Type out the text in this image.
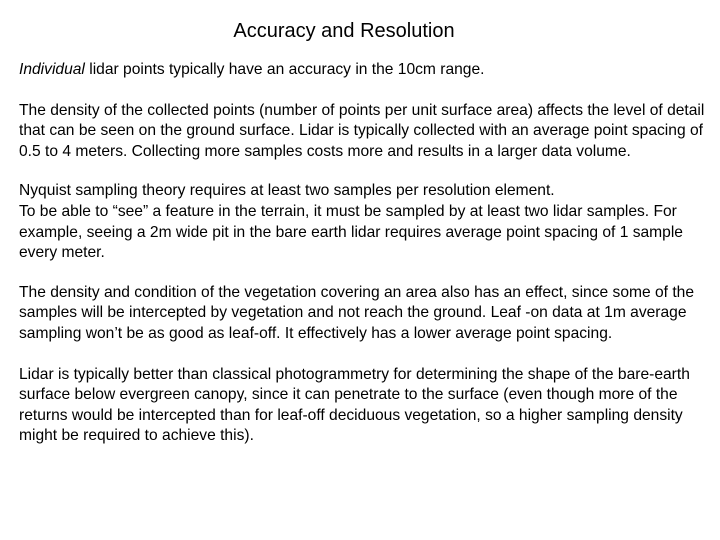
Accuracy and Resolution

Individual lidar points typically have an accuracy in the 10cm range.

The density of the collected points (number of points per unit surface area) affects the level of detail that can be seen on the ground surface. Lidar is typically collected with an average point spacing of 0.5 to 4 meters. Collecting more samples costs more and results in a larger data volume.

Nyquist sampling theory requires at least two samples per resolution element.
To be able to “see” a feature in the terrain, it must be sampled by at least two lidar samples. For example, seeing a 2m wide pit in the bare earth lidar requires average point spacing of 1 sample every meter.

The density and condition of the vegetation covering an area also has an effect, since some of the samples will be intercepted by vegetation and not reach the ground. Leaf -on data at 1m average sampling won’t be as good as leaf-off. It effectively has a lower average point spacing.

Lidar is typically better than classical photogrammetry for determining the shape of the bare-earth surface below evergreen canopy, since it can penetrate to the surface (even though more of the returns would be intercepted than for leaf-off deciduous vegetation, so a higher sampling density might be required to achieve this).
